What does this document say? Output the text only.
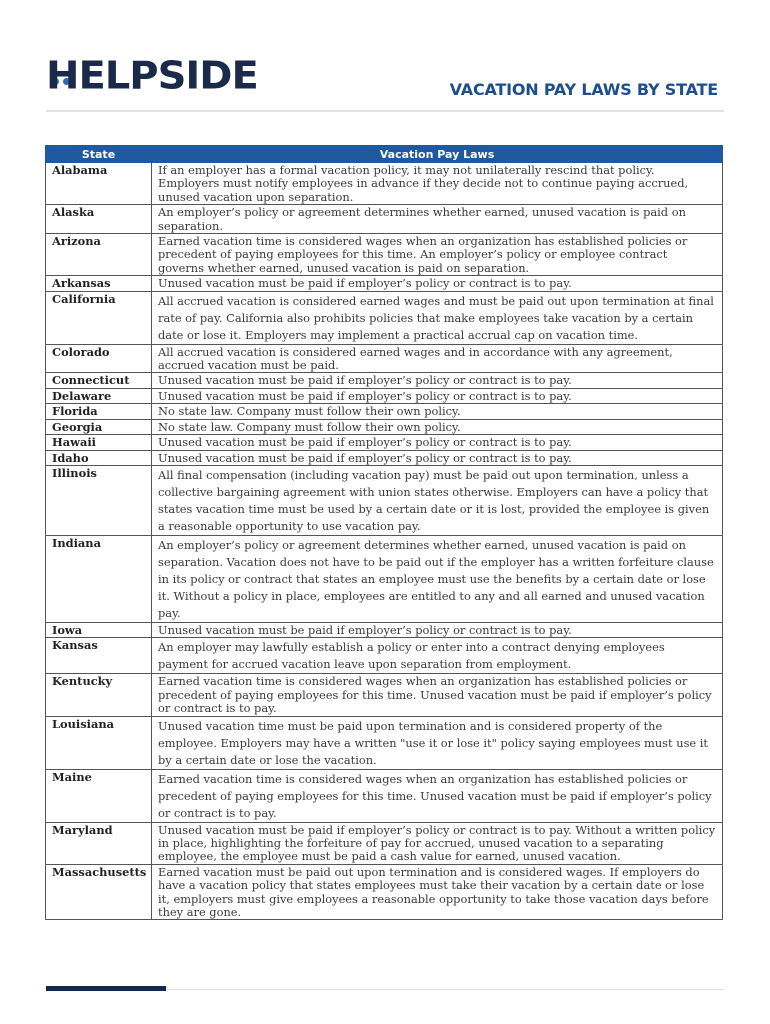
HELPSIDE	VACATION PAY LAWS BY STATE
State	Vacation Pay Laws
Alabama	If an employer has a formal vacation policy, it may not unilaterally rescind that policy. Employers must notify employees in advance if they decide not to continue paying accrued, unused vacation upon separation.
Alaska	An employer’s policy or agreement determines whether earned, unused vacation is paid on separation.
Arizona	Earned vacation time is considered wages when an organization has established policies or precedent of paying employees for this time. An employer’s policy or employee contract governs whether earned, unused vacation is paid on separation.
Arkansas	Unused vacation must be paid if employer’s policy or contract is to pay.
California	All accrued vacation is considered earned wages and must be paid out upon termination at final rate of pay. California also prohibits policies that make employees take vacation by a certain date or lose it. Employers may implement a practical accrual cap on vacation time.
Colorado	All accrued vacation is considered earned wages and in accordance with any agreement, accrued vacation must be paid.
Connecticut	Unused vacation must be paid if employer’s policy or contract is to pay.
Delaware	Unused vacation must be paid if employer’s policy or contract is to pay.
Florida	No state law. Company must follow their own policy.
Georgia	No state law. Company must follow their own policy.
Hawaii	Unused vacation must be paid if employer’s policy or contract is to pay.
Idaho	Unused vacation must be paid if employer’s policy or contract is to pay.
Illinois	All final compensation (including vacation pay) must be paid out upon termination, unless a collective bargaining agreement with union states otherwise. Employers can have a policy that states vacation time must be used by a certain date or it is lost, provided the employee is given a reasonable opportunity to use vacation pay.
Indiana	An employer’s policy or agreement determines whether earned, unused vacation is paid on separation. Vacation does not have to be paid out if the employer has a written forfeiture clause in its policy or contract that states an employee must use the benefits by a certain date or lose it. Without a policy in place, employees are entitled to any and all earned and unused vacation pay.
Iowa	Unused vacation must be paid if employer’s policy or contract is to pay.
Kansas	An employer may lawfully establish a policy or enter into a contract denying employees payment for accrued vacation leave upon separation from employment.
Kentucky	Earned vacation time is considered wages when an organization has established policies or precedent of paying employees for this time. Unused vacation must be paid if employer’s policy or contract is to pay.
Louisiana	Unused vacation time must be paid upon termination and is considered property of the employee. Employers may have a written "use it or lose it" policy saying employees must use it by a certain date or lose the vacation.
Maine	Earned vacation time is considered wages when an organization has established policies or precedent of paying employees for this time. Unused vacation must be paid if employer’s policy or contract is to pay.
Maryland	Unused vacation must be paid if employer’s policy or contract is to pay. Without a written policy in place, highlighting the forfeiture of pay for accrued, unused vacation to a separating employee, the employee must be paid a cash value for earned, unused vacation.
Massachusetts	Earned vacation must be paid out upon termination and is considered wages. If employers do have a vacation policy that states employees must take their vacation by a certain date or lose it, employers must give employees a reasonable opportunity to take those vacation days before they are gone.
